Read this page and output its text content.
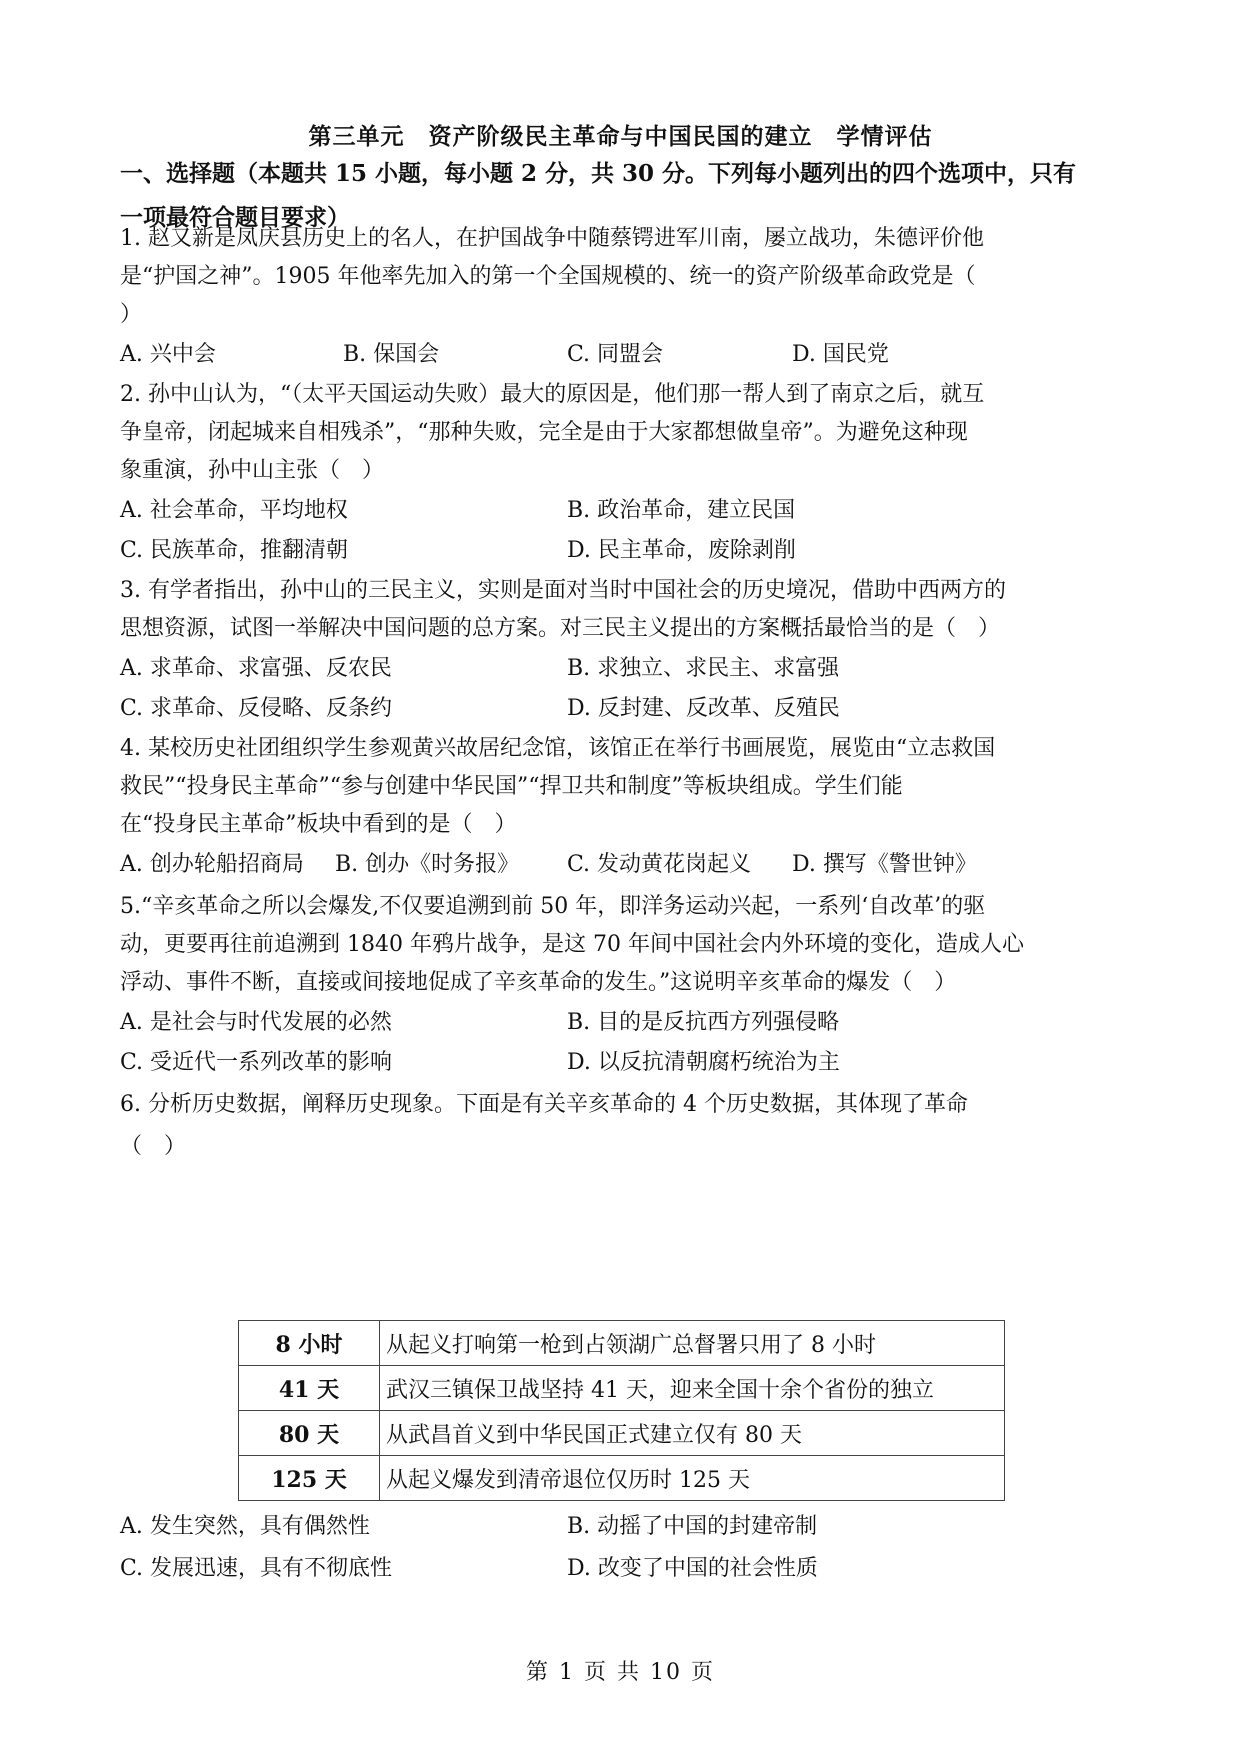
第三单元　资产阶级民主革命与中国民国的建立　学情评估
一、选择题（本题共 15 小题，每小题 2 分，共 30 分。下列每小题列出的四个选项中，只有
一项最符合题目要求）
1. 赵又新是凤庆县历史上的名人，在护国战争中随蔡锷进军川南，屡立战功，朱德评价他
是“护国之神”。1905 年他率先加入的第一个全国规模的、统一的资产阶级革命政党是（
）
A. 兴中会	B. 保国会	C. 同盟会	D. 国民党
2. 孙中山认为，“（太平天国运动失败）最大的原因是，他们那一帮人到了南京之后，就互
争皇帝，闭起城来自相残杀”，“那种失败，完全是由于大家都想做皇帝”。为避免这种现
象重演，孙中山主张（　）
A. 社会革命，平均地权	B. 政治革命，建立民国
C. 民族革命，推翻清朝	D. 民主革命，废除剥削
3. 有学者指出，孙中山的三民主义，实则是面对当时中国社会的历史境况，借助中西两方的
思想资源，试图一举解决中国问题的总方案。对三民主义提出的方案概括最恰当的是（　）
A. 求革命、求富强、反农民	B. 求独立、求民主、求富强
C. 求革命、反侵略、反条约	D. 反封建、反改革、反殖民
4. 某校历史社团组织学生参观黄兴故居纪念馆，该馆正在举行书画展览，展览由“立志救国
救民”“投身民主革命”“参与创建中华民国”“捍卫共和制度”等板块组成。学生们能
在“投身民主革命”板块中看到的是（　）
A. 创办轮船招商局 B. 创办《时务报》 C. 发动黄花岗起义 D. 撰写《警世钟》
5.“辛亥革命之所以会爆发,不仅要追溯到前 50 年，即洋务运动兴起，一系列‘自改革’的驱
动，更要再往前追溯到 1840 年鸦片战争，是这 70 年间中国社会内外环境的变化，造成人心
浮动、事件不断，直接或间接地促成了辛亥革命的发生。”这说明辛亥革命的爆发（　）
A. 是社会与时代发展的必然	B. 目的是反抗西方列强侵略
C. 受近代一系列改革的影响	D. 以反抗清朝腐朽统治为主
6. 分析历史数据，阐释历史现象。下面是有关辛亥革命的 4 个历史数据，其体现了革命
（　）
8 小时	从起义打响第一枪到占领湖广总督署只用了 8 小时
41 天	武汉三镇保卫战坚持 41 天，迎来全国十余个省份的独立
80 天	从武昌首义到中华民国正式建立仅有 80 天
125 天	从起义爆发到清帝退位仅历时 125 天
A. 发生突然，具有偶然性	B. 动摇了中国的封建帝制
C. 发展迅速，具有不彻底性	D. 改变了中国的社会性质
第 1 页 共 10 页
